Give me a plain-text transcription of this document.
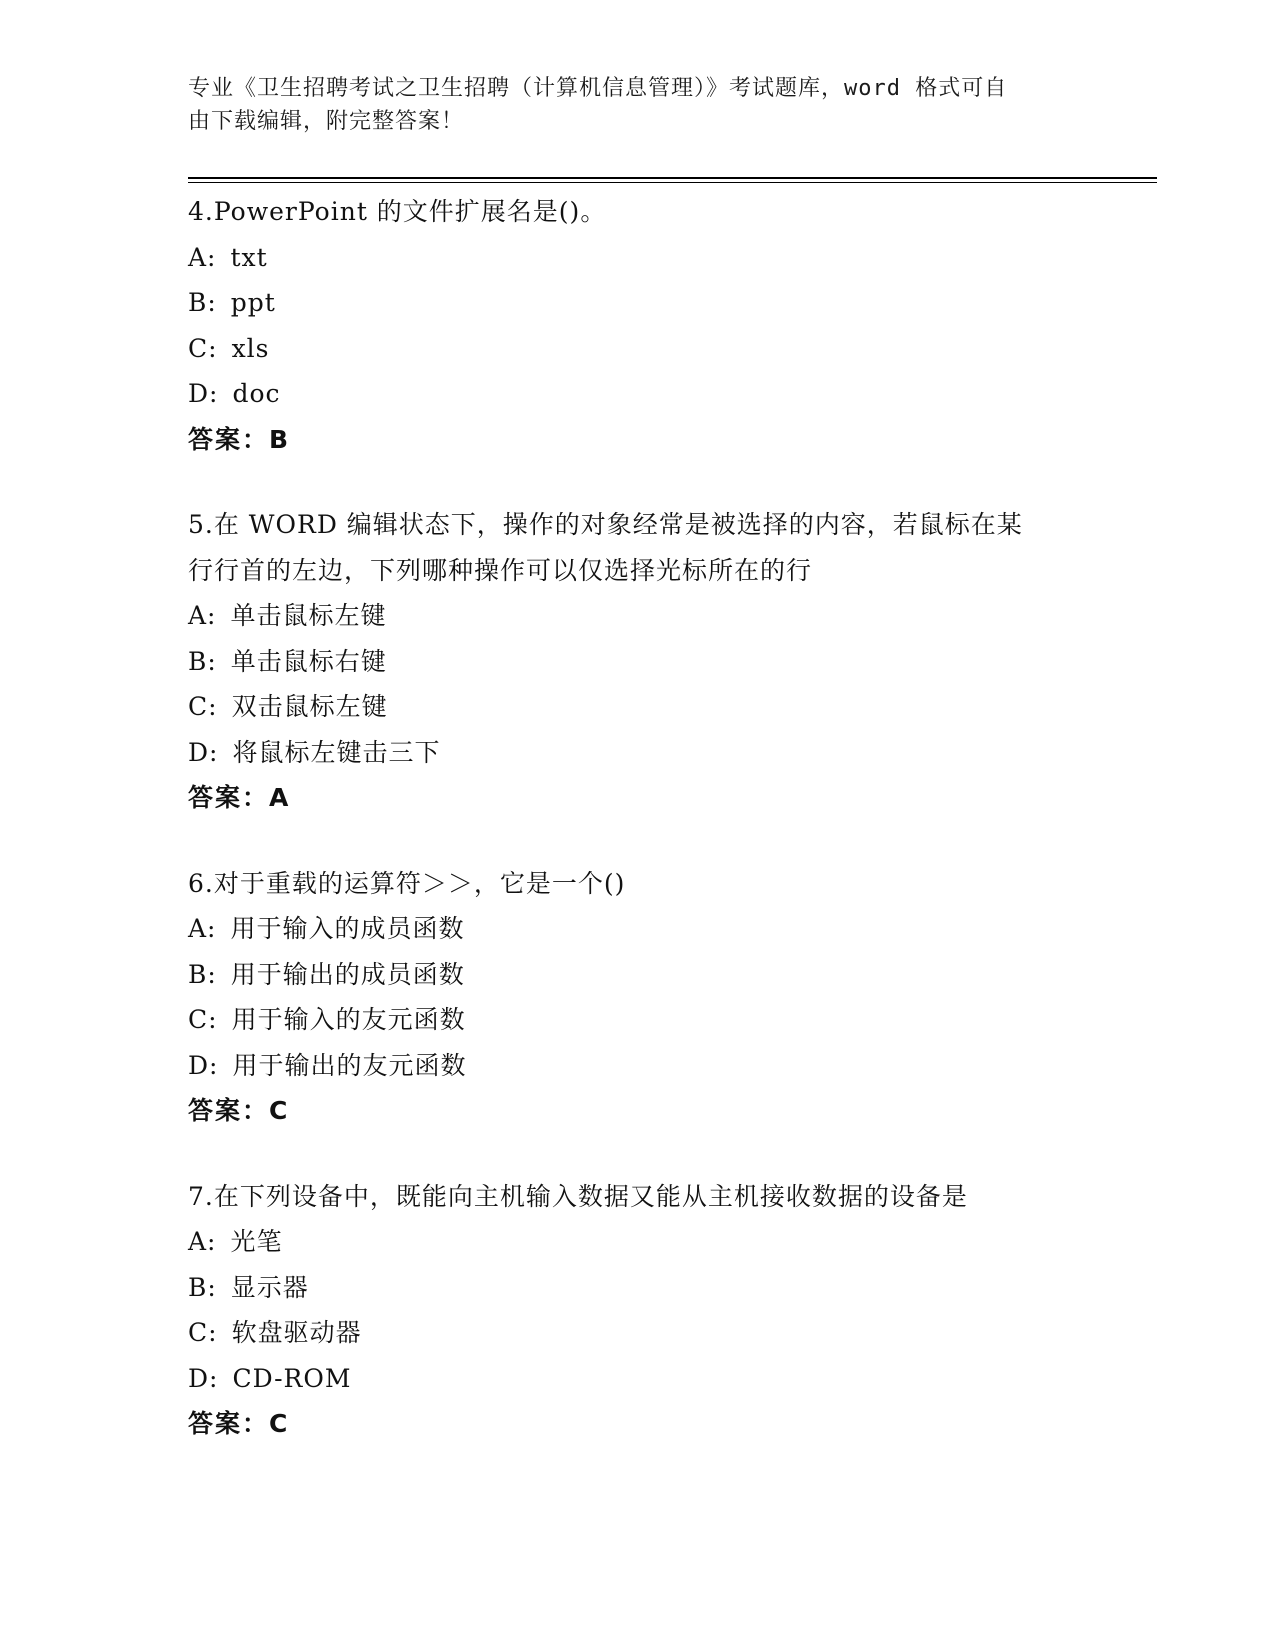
专业《卫生招聘考试之卫生招聘（计算机信息管理）》考试题库，word 格式可自
由下载编辑，附完整答案！

4.PowerPoint 的文件扩展名是()。

A: txt

B: ppt

C: xls

D: doc

答案：B

5.在 WORD 编辑状态下，操作的对象经常是被选择的内容，若鼠标在某

行行首的左边，下列哪种操作可以仅选择光标所在的行

A: 单击鼠标左键

B: 单击鼠标右键

C: 双击鼠标左键

D: 将鼠标左键击三下

答案：A

6.对于重载的运算符＞＞，它是一个()

A: 用于输入的成员函数

B: 用于输出的成员函数

C: 用于输入的友元函数

D: 用于输出的友元函数

答案：C

7.在下列设备中，既能向主机输入数据又能从主机接收数据的设备是

A: 光笔

B: 显示器

C: 软盘驱动器

D: CD-ROM

答案：C
